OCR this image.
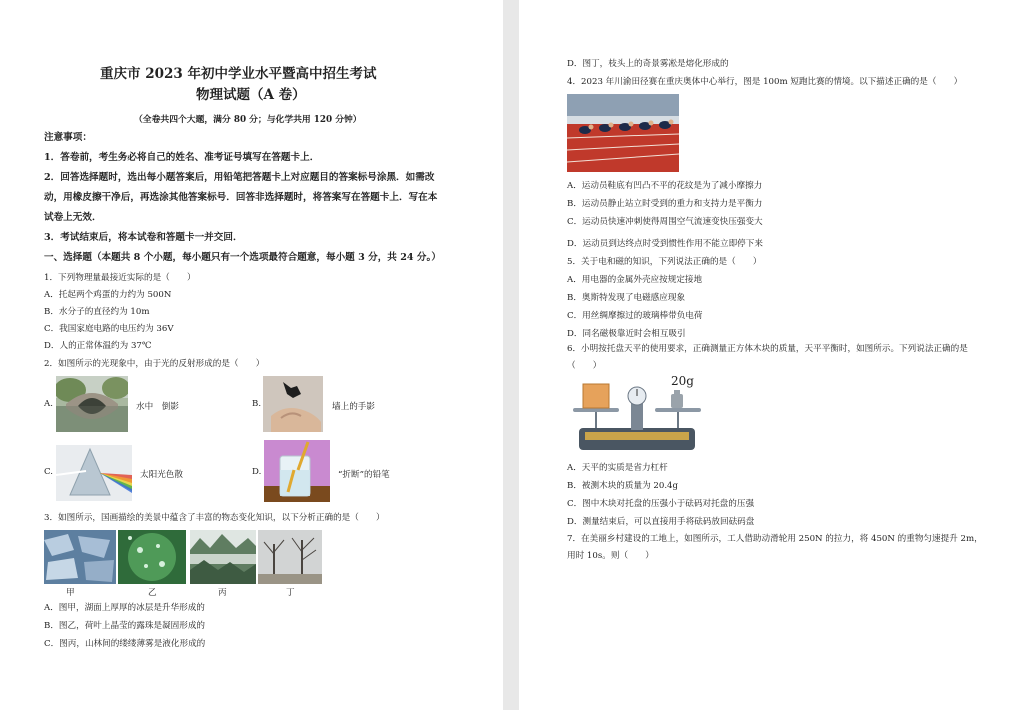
重庆市 2023 年初中学业水平暨高中招生考试
物理试题（A 卷）
（全卷共四个大题，满分 80 分；与化学共用 120 分钟）
注意事项：
1．答卷前，考生务必将自己的姓名、准考证号填写在答题卡上．
2．回答选择题时，选出每小题答案后，用铅笔把答题卡上对应题目的答案标号涂黑．如需改
动，用橡皮擦干净后，再选涂其他答案标号．回答非选择题时，将答案写在答题卡上．写在本
试卷上无效．
3．考试结束后，将本试卷和答题卡一并交回．
一、选择题（本题共 8 个小题，每小题只有一个选项最符合题意，每小题 3 分，共 24 分。）
1．下列物理量最接近实际的是（　　）
A．托起两个鸡蛋的力约为 500N
B．水分子的直径约为 10m
C．我国家庭电路的电压约为 36V
D．人的正常体温约为 37℃
2．如图所示的光现象中，由于光的反射形成的是（　　）
A.	水中　倒影	B.	墙上的手影
C.	太阳光色散	D.	“折断”的铅笔
3．如图所示，国画描绘的美景中蕴含了丰富的物态变化知识，以下分析正确的是（　　）
甲	乙	丙	丁
A．图甲，湖面上厚厚的冰层是升华形成的
B．图乙，荷叶上晶莹的露珠是凝固形成的
C．图丙，山林间的缕缕薄雾是液化形成的
D．图丁，枝头上的奇景雾凇是熔化形成的
4．2023 年川渝田径赛在重庆奥体中心举行，图是 100m 短跑比赛的情境。以下描述正确的是（　　）
A．运动员鞋底有凹凸不平的花纹是为了减小摩擦力
B．运动员静止站立时受到的重力和支持力是平衡力
C．运动员快速冲刺使得周围空气流速变快压强变大
D．运动员到达终点时受到惯性作用不能立即停下来
5．关于电和磁的知识，下列说法正确的是（　　）
A．用电器的金属外壳应按规定接地
B．奥斯特发现了电磁感应现象
C．用丝绸摩擦过的玻璃棒带负电荷
D．同名磁极靠近时会相互吸引
6．小明按托盘天平的使用要求，正确测量正方体木块的质量，天平平衡时，如图所示。下列说法正确的是
（　　）
20g
A．天平的实质是省力杠杆
B．被测木块的质量为 20.4g
C．图中木块对托盘的压强小于砝码对托盘的压强
D．测量结束后，可以直接用手将砝码放回砝码盘
7．在美丽乡村建设的工地上，如图所示，工人借助动滑轮用 250N 的拉力，将 450N 的重物匀速提升 2m，
用时 10s。则（　　）
